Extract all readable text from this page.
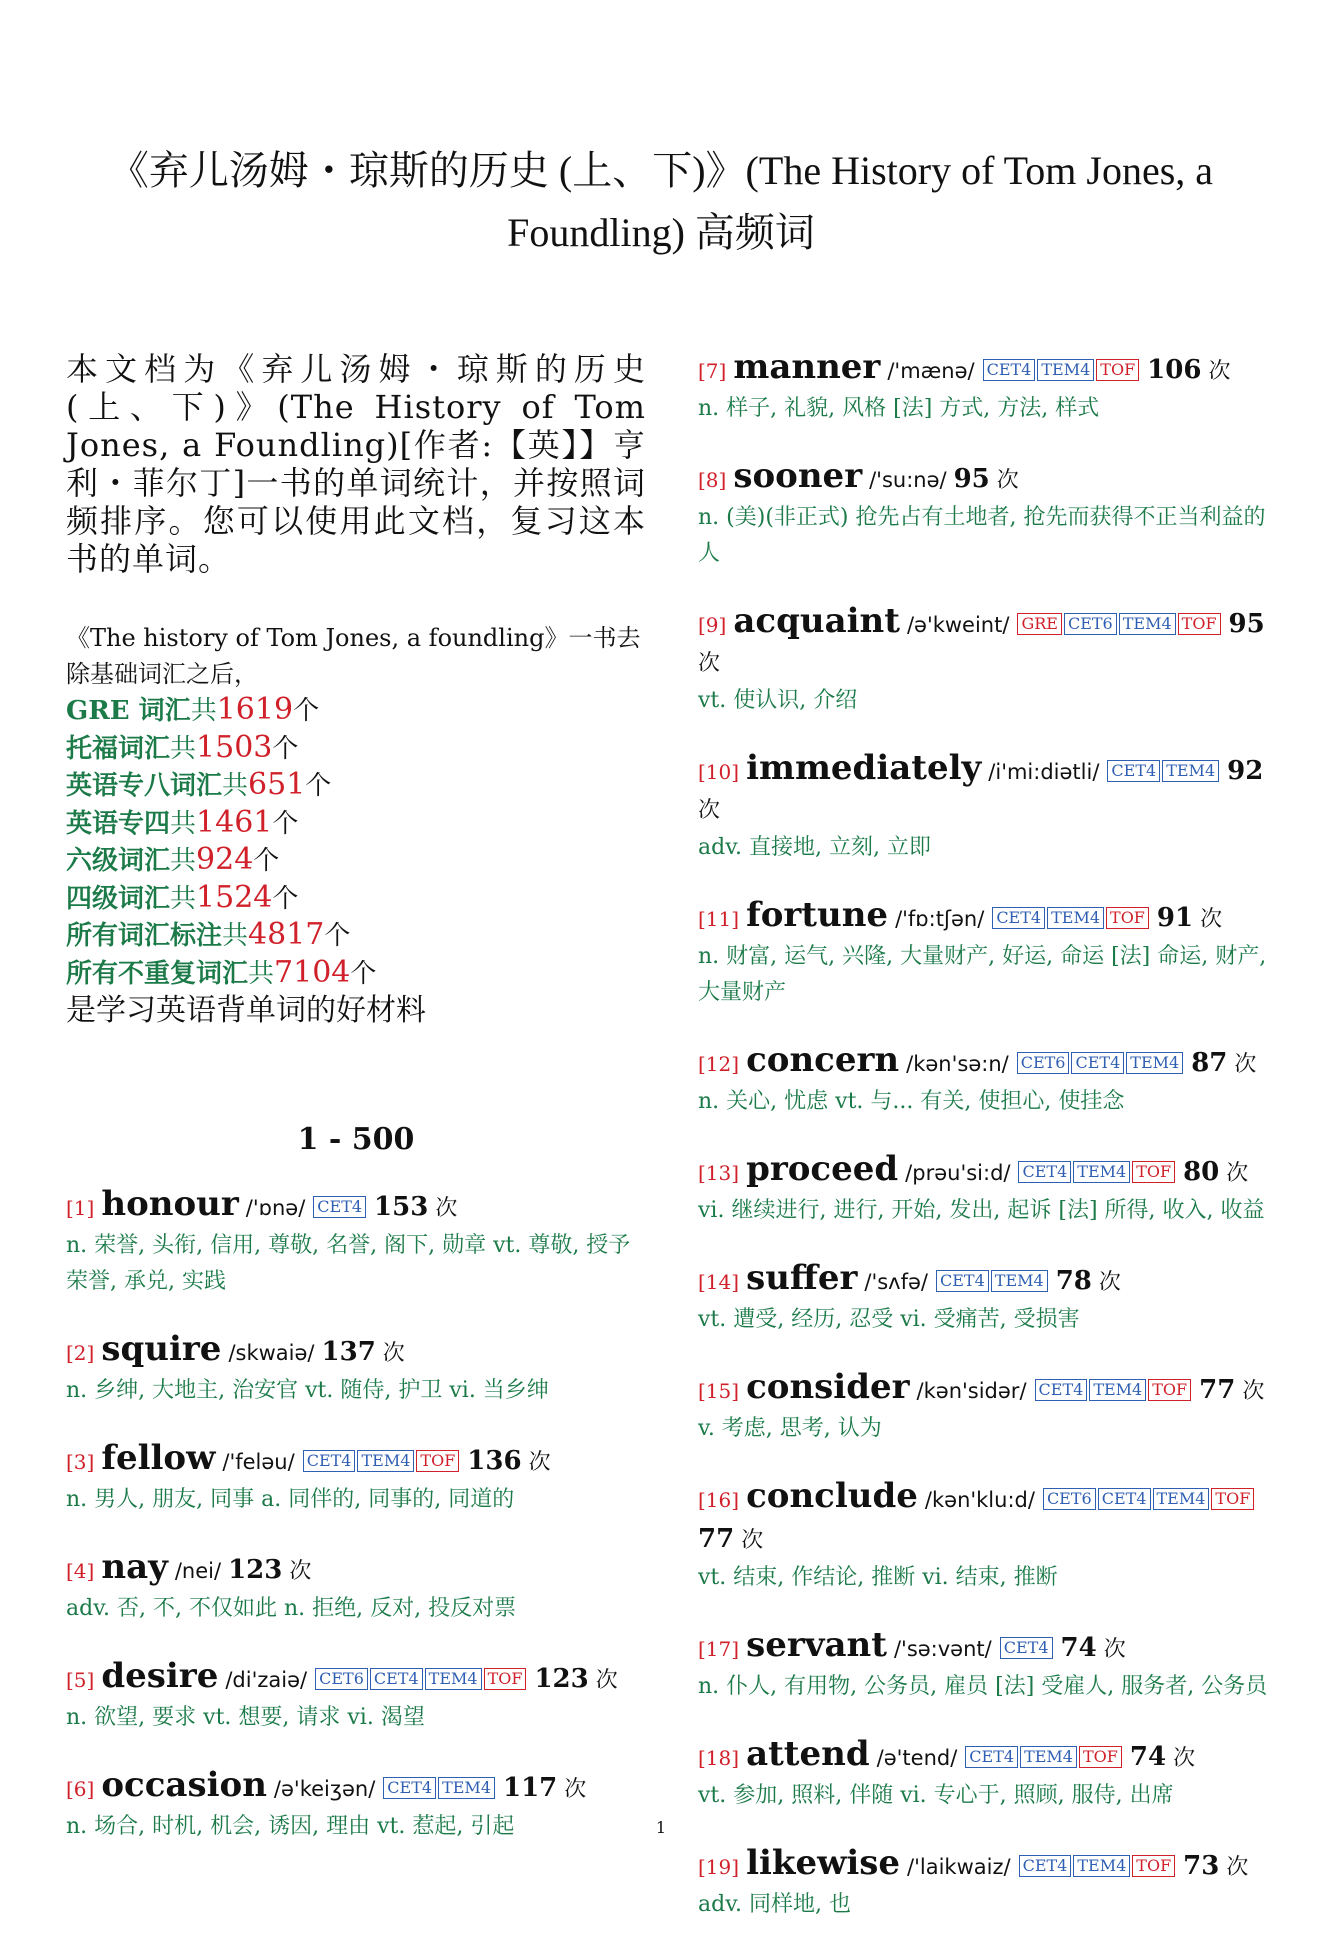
《弃儿汤姆・琼斯的历史 (上、下)》(The History of Tom Jones, a Foundling) 高频词

本文档为《弃儿汤姆・琼斯的历史 (上、下)》(The History of Tom Jones, a Foundling)[作者:【英】】亨利・菲尔丁]一书的单词统计，并按照词频排序。您可以使用此文档，复习这本书的单词。

《The history of Tom Jones, a foundling》一书去除基础词汇之后，
GRE 词汇共1619个
托福词汇共1503个
英语专八词汇共651个
英语专四共1461个
六级词汇共924个
四级词汇共1524个
所有词汇标注共4817个
所有不重复词汇共7104个
是学习英语背单词的好材料
1 - 500
[1] honour /'ɒnə/ CET4 153 次
n. 荣誉, 头衔, 信用, 尊敬, 名誉, 阁下, 勋章 vt. 尊敬, 授予荣誉, 承兑, 实践
[2] squire /skwaiə/ 137 次
n. 乡绅, 大地主, 治安官 vt. 随侍, 护卫 vi. 当乡绅
[3] fellow /'feləu/ CET4 TEM4 TOF 136 次
n. 男人, 朋友, 同事 a. 同伴的, 同事的, 同道的
[4] nay /nei/ 123 次
adv. 否, 不, 不仅如此 n. 拒绝, 反对, 投反对票
[5] desire /di'zaiə/ CET6 CET4 TEM4 TOF 123 次
n. 欲望, 要求 vt. 想要, 请求 vi. 渴望
[6] occasion /ə'keiʒən/ CET4 TEM4 117 次
n. 场合, 时机, 机会, 诱因, 理由 vt. 惹起, 引起
[7] manner /'mænə/ CET4 TEM4 TOF 106 次
n. 样子, 礼貌, 风格 [法] 方式, 方法, 样式
[8] sooner /'su:nə/ 95 次
n. (美)(非正式) 抢先占有土地者, 抢先而获得不正当利益的人
[9] acquaint /ə'kweint/ GRE CET6 TEM4 TOF 95 次
vt. 使认识, 介绍
[10] immediately /i'mi:diətli/ CET4 TEM4 92 次
adv. 直接地, 立刻, 立即
[11] fortune /'fɒ:tʃən/ CET4 TEM4 TOF 91 次
n. 财富, 运气, 兴隆, 大量财产, 好运, 命运 [法] 命运, 财产, 大量财产
[12] concern /kən'sə:n/ CET6 CET4 TEM4 87 次
n. 关心, 忧虑 vt. 与... 有关, 使担心, 使挂念
[13] proceed /prəu'si:d/ CET4 TEM4 TOF 80 次
vi. 继续进行, 进行, 开始, 发出, 起诉 [法] 所得, 收入, 收益
[14] suffer /'sʌfə/ CET4 TEM4 78 次
vt. 遭受, 经历, 忍受 vi. 受痛苦, 受损害
[15] consider /kən'sidər/ CET4 TEM4 TOF 77 次
v. 考虑, 思考, 认为
[16] conclude /kən'klu:d/ CET6 CET4 TEM4 TOF 77 次
vt. 结束, 作结论, 推断 vi. 结束, 推断
[17] servant /'sə:vənt/ CET4 74 次
n. 仆人, 有用物, 公务员, 雇员 [法] 受雇人, 服务者, 公务员
[18] attend /ə'tend/ CET4 TEM4 TOF 74 次
vt. 参加, 照料, 伴随 vi. 专心于, 照顾, 服侍, 出席
[19] likewise /'laikwaiz/ CET4 TEM4 TOF 73 次
adv. 同样地, 也
1
